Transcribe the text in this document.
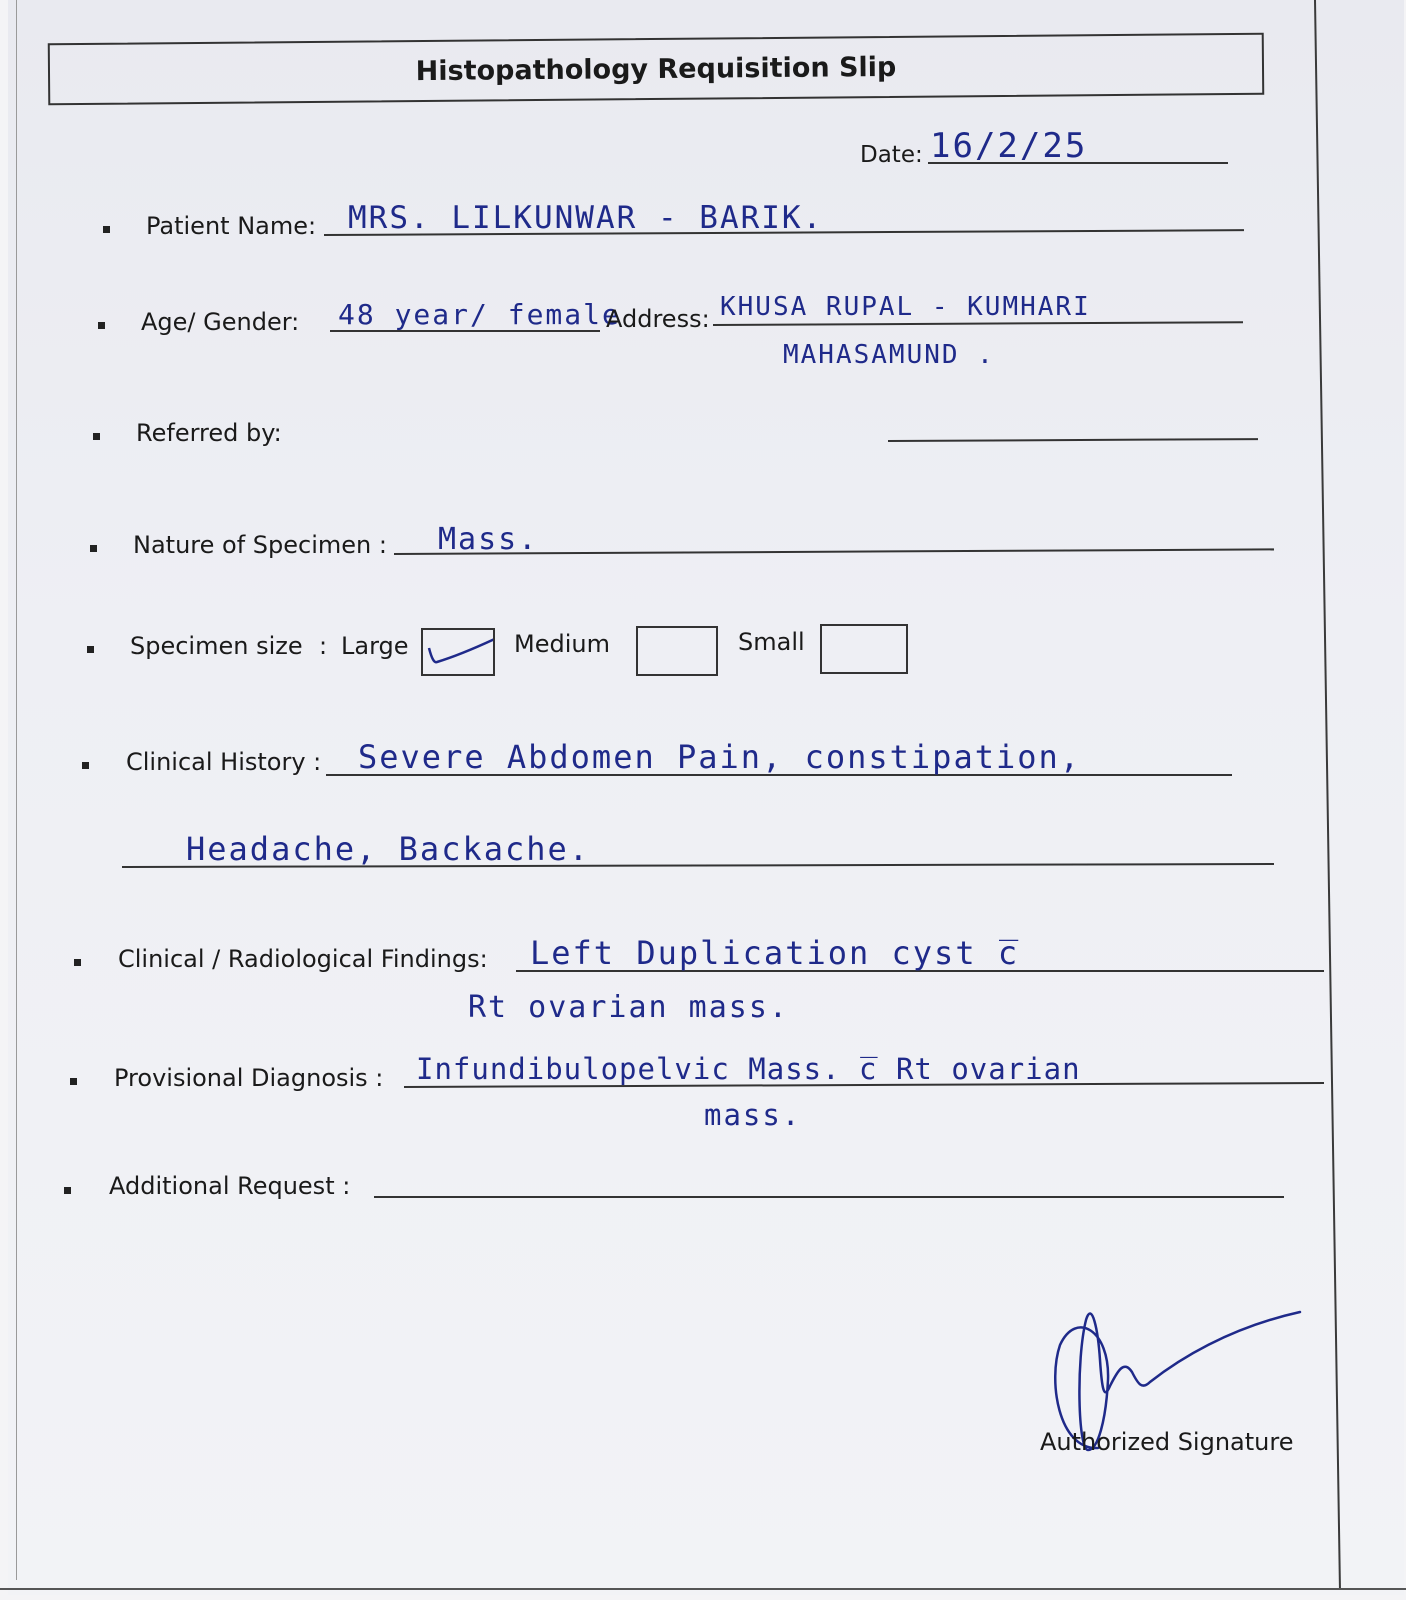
Histopathology Requisition Slip
Date: 16/2/25
Patient Name: MRS. LILKUNWAR - BARIK.
Age/ Gender: 48 year/ female
Address: KHUSA RUPAL - KUMHARI
MAHASAMUND .
Referred by:
Nature of Specimen : Mass.
Specimen size : Large	Medium	Small
Clinical History : Severe Abdomen Pain, constipation,
Headache, Backache.
Clinical / Radiological Findings: Left Duplication cyst c̅
Rt ovarian mass.
Provisional Diagnosis : Infundibulopelvic Mass. c̅ Rt ovarian
mass.
Additional Request :
Authorized Signature
